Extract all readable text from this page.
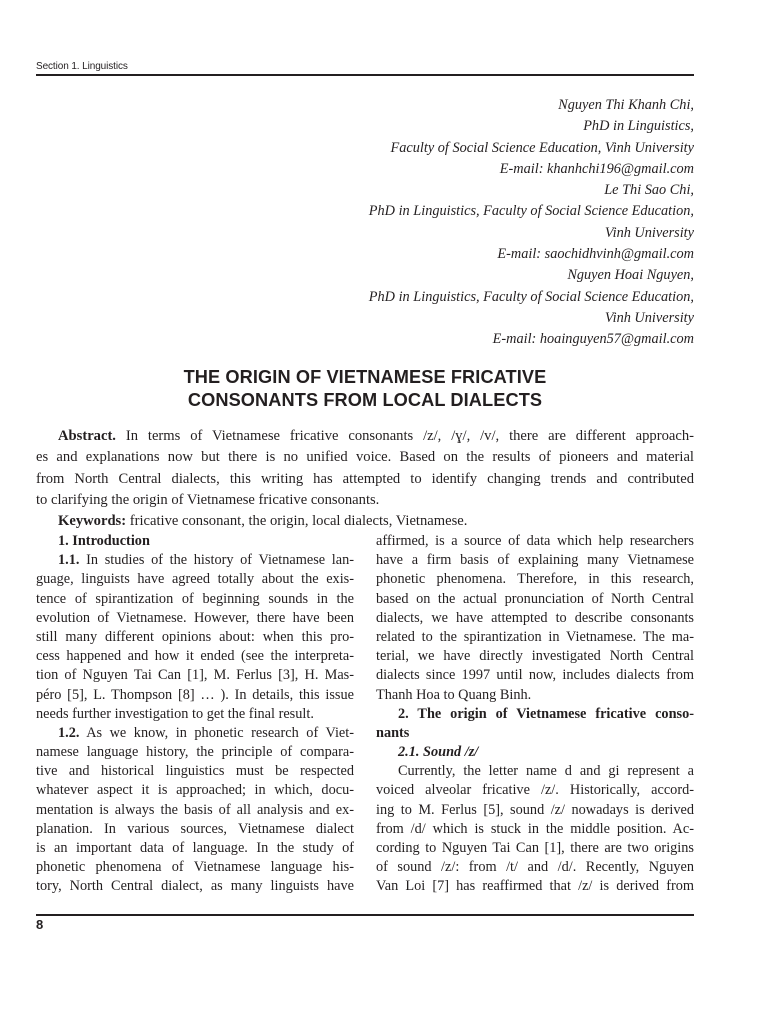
Section 1. Linguistics
Nguyen Thi Khanh Chi,
PhD in Linguistics,
Faculty of Social Science Education, Vinh University
E-mail: khanhchi196@gmail.com
Le Thi Sao Chi,
PhD in Linguistics, Faculty of Social Science Education,
Vinh University
E-mail: saochidhvinh@gmail.com
Nguyen Hoai Nguyen,
PhD in Linguistics, Faculty of Social Science Education,
Vinh University
E-mail: hoainguyen57@gmail.com
THE ORIGIN OF VIETNAMESE FRICATIVE
CONSONANTS FROM LOCAL DIALECTS
Abstract. In terms of Vietnamese fricative consonants /z/, /ɣ/, /v/, there are different approach-
es and explanations now but there is no unified voice. Based on the results of pioneers and material
from North Central dialects, this writing has attempted to identify changing trends and contributed
to clarifying the origin of Vietnamese fricative consonants.
Keywords: fricative consonant, the origin, local dialects, Vietnamese.
1. Introduction
1.1. In studies of the history of Vietnamese lan-
guage, linguists have agreed totally about the exis-
tence of spirantization of beginning sounds in the
evolution of Vietnamese. However, there have been
still many different opinions about: when this pro-
cess happened and how it ended (see the interpreta-
tion of Nguyen Tai Can [1], M. Ferlus [3], H. Mas-
péro [5], L. Thompson [8] … ). In details, this issue
needs further investigation to get the final result.
1.2. As we know, in phonetic research of Viet-
namese language history, the principle of compara-
tive and historical linguistics must be respected
whatever aspect it is approached; in which, docu-
mentation is always the basis of all analysis and ex-
planation. In various sources, Vietnamese dialect
is an important data of language. In the study of
phonetic phenomena of Vietnamese language his-
tory, North Central dialect, as many linguists have
affirmed, is a source of data which help researchers
have a firm basis of explaining many Vietnamese
phonetic phenomena. Therefore, in this research,
based on the actual pronunciation of North Central
dialects, we have attempted to describe consonants
related to the spirantization in Vietnamese. The ma-
terial, we have directly investigated North Central
dialects since 1997 until now, includes dialects from
Thanh Hoa to Quang Binh.
2. The origin of Vietnamese fricative conso-
nants
2.1. Sound /z/
Currently, the letter name d and gi represent a
voiced alveolar fricative /z/. Historically, accord-
ing to M. Ferlus [5], sound /z/ nowadays is derived
from /d/ which is stuck in the middle position. Ac-
cording to Nguyen Tai Can [1], there are two origins
of sound /z/: from /t/ and /d/. Recently, Nguyen
Van Loi [7] has reaffirmed that /z/ is derived from
8
